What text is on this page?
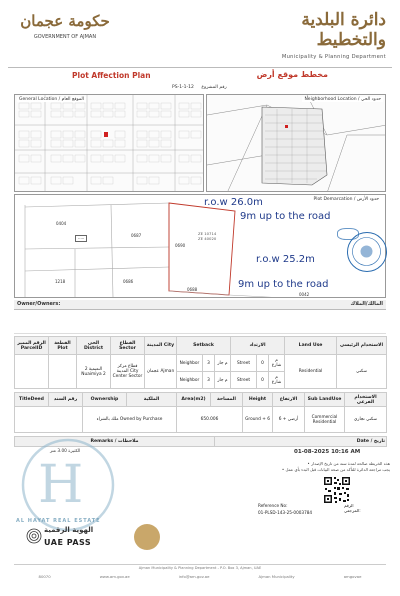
حكومة عجمان
GOVERNMENT OF AJMAN
دائرة البلدية والتخطيط
Municipality & Planning Department
Plot Affection Plan	مخطط موقع أرض
PS-1-1-12 رقم المشروع
General Location / الموقع العام	Neighborhood Location / حدود الحي
Plot Demarcation / حدود الأرض
0404
0687
0690
1218	0686
0688
ZE 10714
ZE 40020
·····
0042
r.o.w 26.0m
9m up to the road
r.o.w 25.2m
9m up to the road
Owner/Owners:	المالك/الملاك
الرقم المميز ParcelID	القطعة Plot	الحي District	القطاع Sector	المدينة City	Setback			الارتداد			Land Use	الاستخدام الرئيسي
		النعيمية 2 Nuaimiya 2	قطاع مركز المدينة City Center Sector	عجمان Ajman	Neighbor	3	م جار	Street	0	م شارع	Residential	سكني
					Neighbor	3	م جار	Street	0	م شارع		
TitleDeed	رقم السند	Ownership	الملكية	Area(m2)	المساحة	Height	الارتفاع	Sub LandUse	الاستخدام الفرعي
		ملك بالشراء Owned by Purchase		650.006		Ground + 6	أرضي + 6	Commercial Residential	سكني تجاري
Remarks / ملاحظات	Date / تاريخ
الكثيرة 3.00 متر	01-08-2025 10:16 AM
• هذه الخريطة صالحة لمدة سنة من تاريخ الإصدار
• يجب مراجعة الدائرة للتأكد من صحة البيانات قبل البدء بأي عمل
01-PLSD-143-25-0003784
Reference No:	الرقم المرجعي:
H
AL HAYAT REAL ESTATE
الهوية الرقمية
UAE PASS
Ajman Municipality & Planning Department - P.O. Box 3, Ajman, UAE
80070	www.am.gov.ae	info@am.gov.ae	Ajman Municipality	amgovae
